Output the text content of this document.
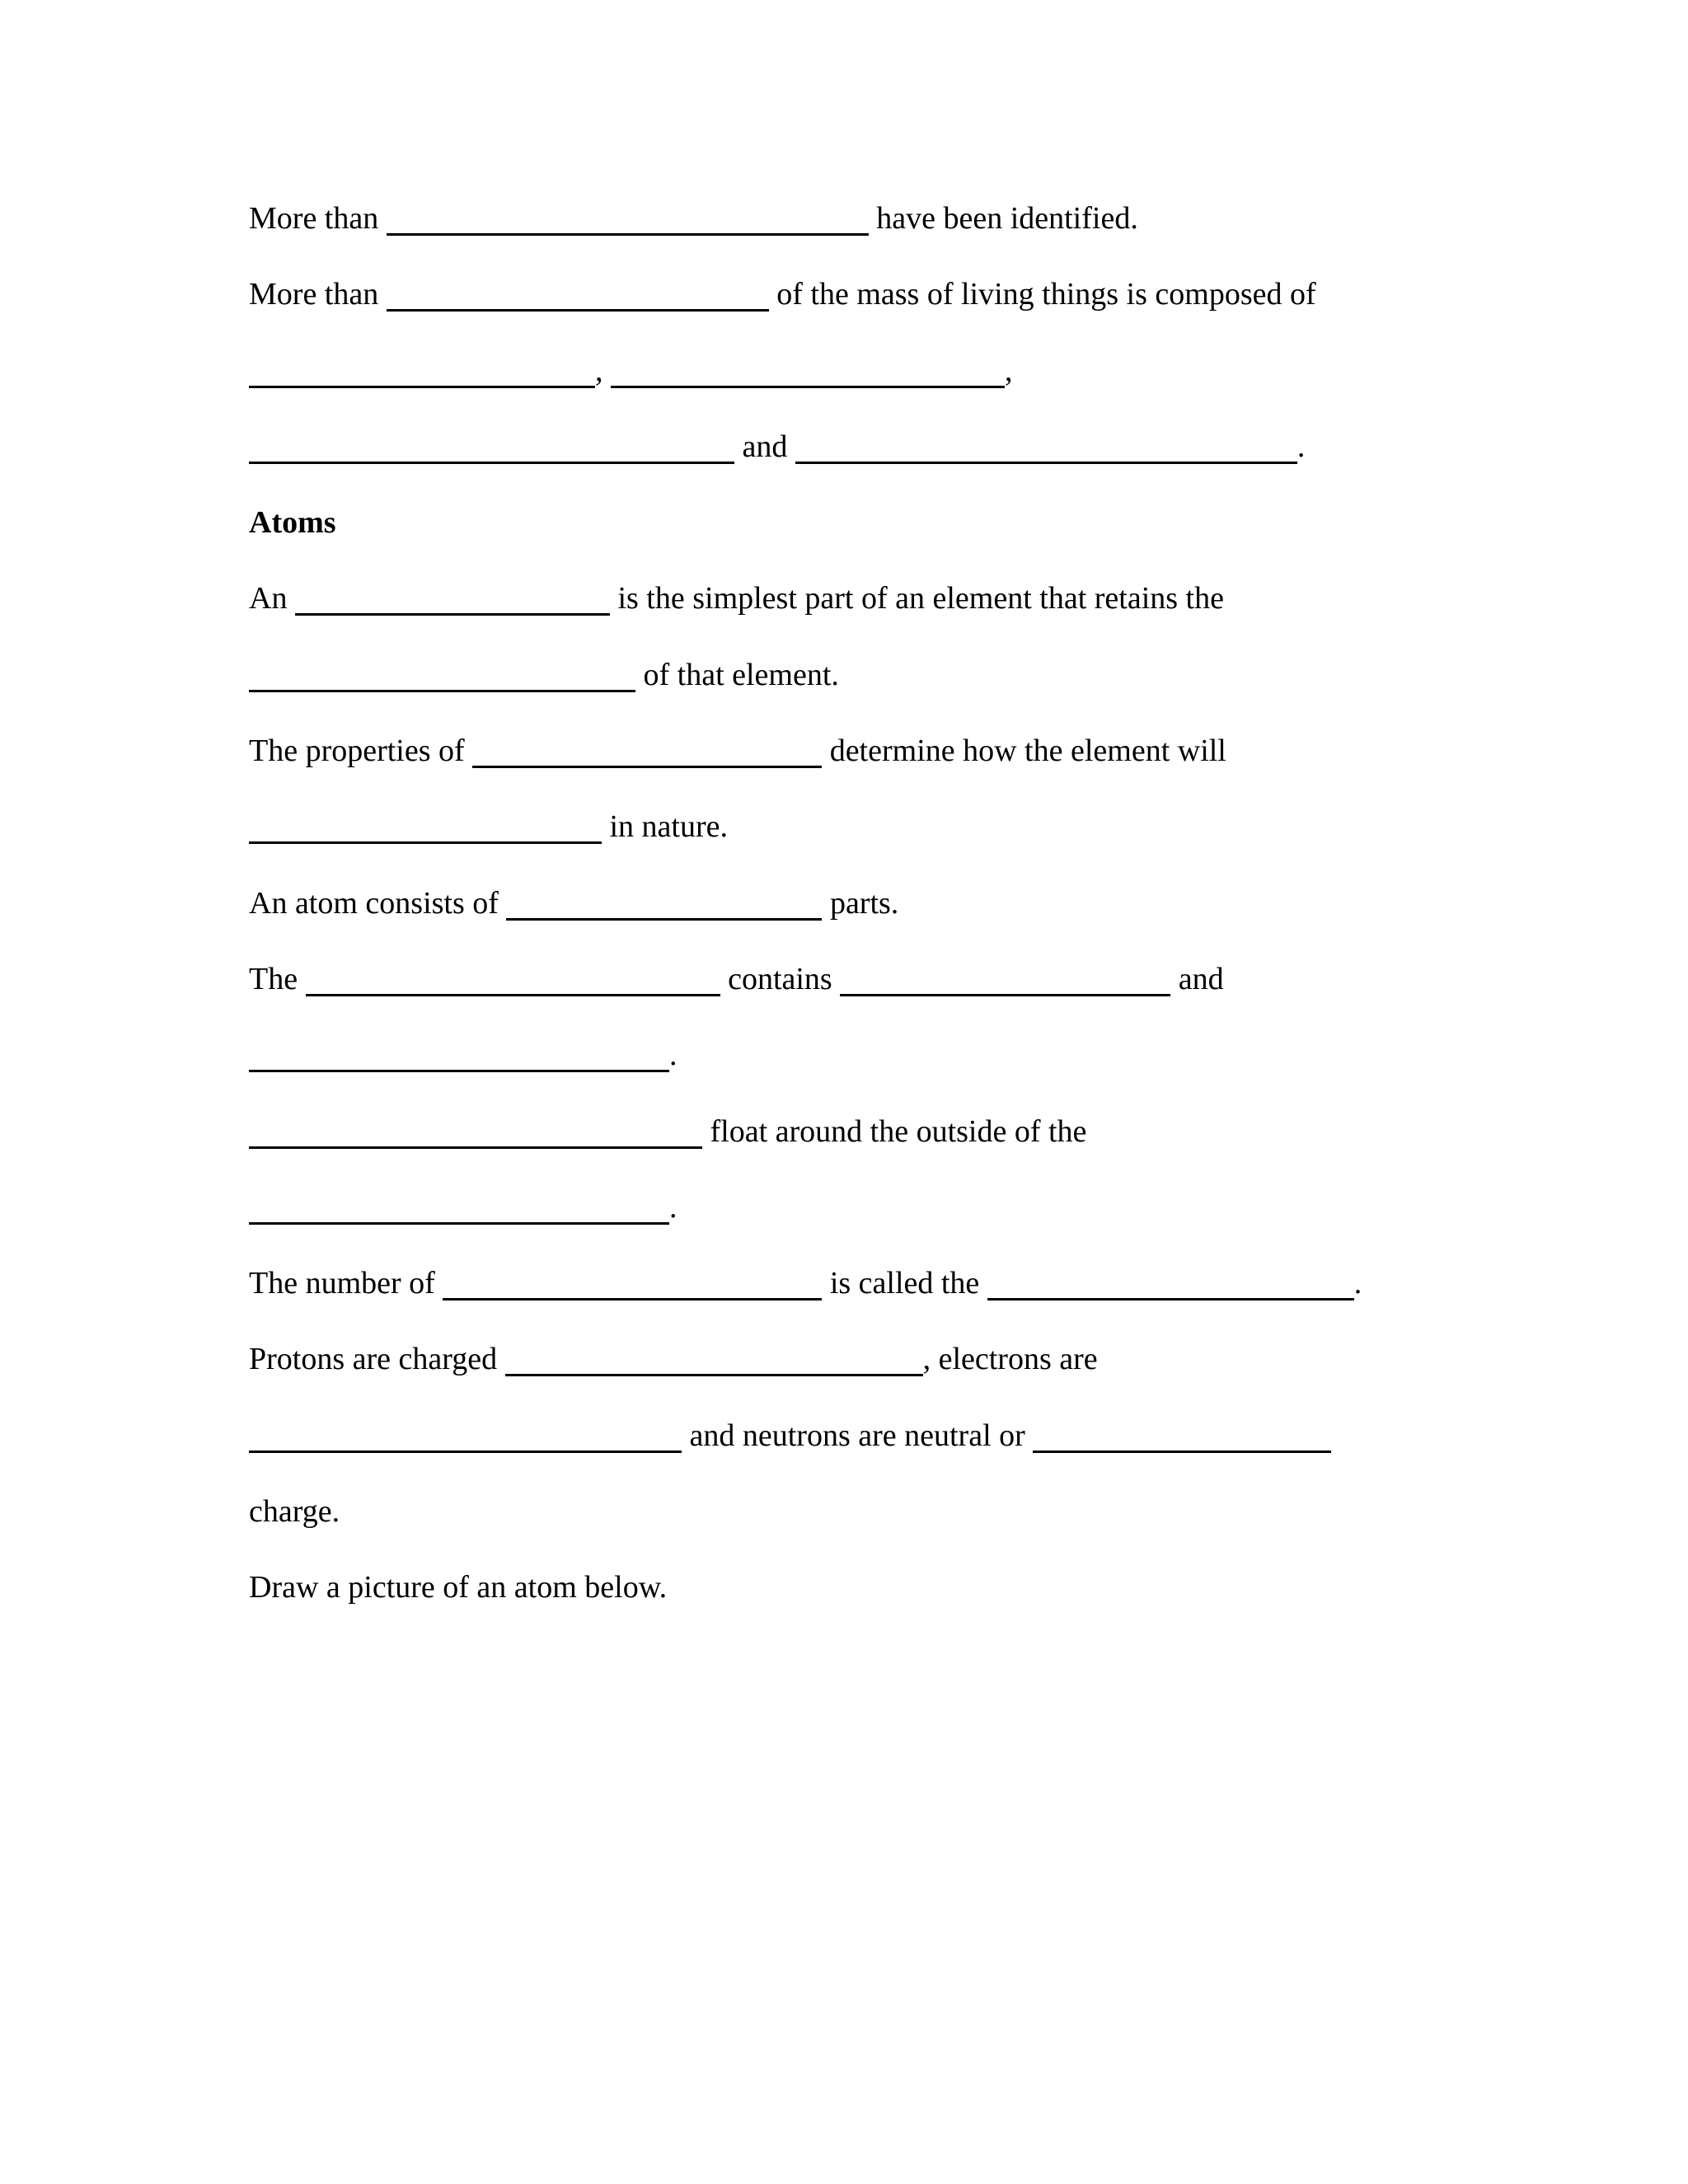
More than	have been identified.
More than	of the mass of living things is composed of
,	,
and	.
Atoms
An	is the simplest part of an element that retains the
of that element.
The properties of	determine how the element will
in nature.
An atom consists of	parts.
The	contains	and
.
float around the outside of the
.
The number of	is called the	.
Protons are charged	, electrons are
and neutrons are neutral or
charge.
Draw a picture of an atom below.
